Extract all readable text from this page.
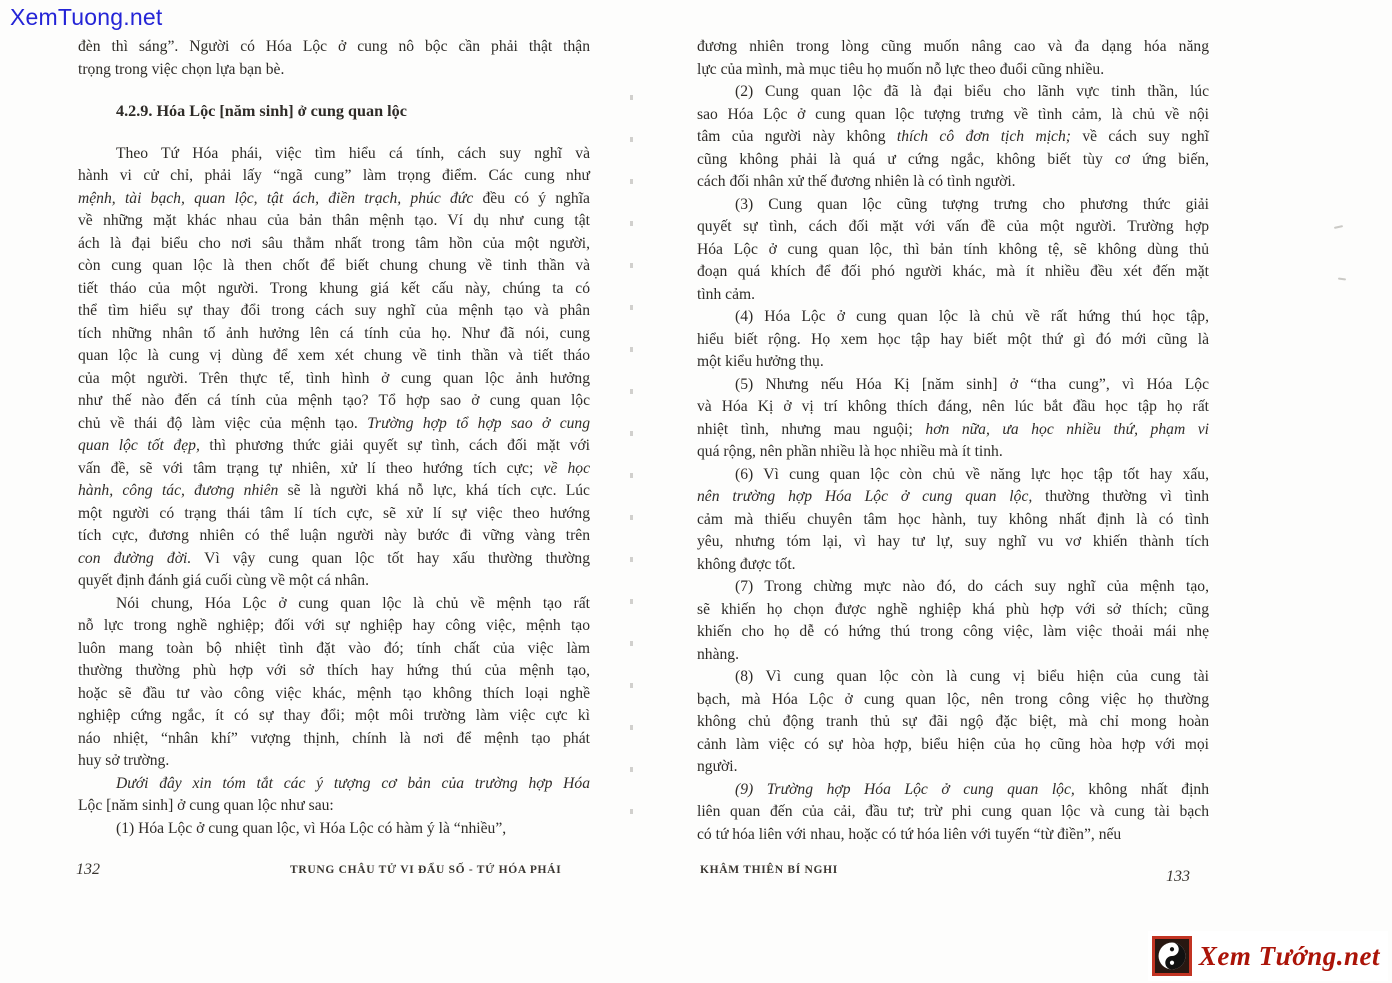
XemTuong.net
đèn thì sáng”. Người có Hóa Lộc ở cung nô bộc cần phải thật thận
trọng trong việc chọn lựa bạn bè.
4.2.9. Hóa Lộc [năm sinh] ở cung quan lộc
Theo Tứ Hóa phái, việc tìm hiểu cá tính, cách suy nghĩ và
hành vi cử chỉ, phải lấy “ngã cung” làm trọng điểm. Các cung như
mệnh, tài bạch, quan lộc, tật ách, điền trạch, phúc đức đều có ý nghĩa
về những mặt khác nhau của bản thân mệnh tạo. Ví dụ như cung tật
ách là đại biểu cho nơi sâu thẳm nhất trong tâm hồn của một người,
còn cung quan lộc là then chốt để biết chung chung về tinh thần và
tiết tháo của một người. Trong khung giá kết cấu này, chúng ta có
thể tìm hiểu sự thay đổi trong cách suy nghĩ của mệnh tạo và phân
tích những nhân tố ảnh hưởng lên cá tính của họ. Như đã nói, cung
quan lộc là cung vị dùng để xem xét chung về tinh thần và tiết tháo
của một người. Trên thực tế, tình hình ở cung quan lộc ảnh hưởng
như thế nào đến cá tính của mệnh tạo? Tổ hợp sao ở cung quan lộc
chủ về thái độ làm việc của mệnh tạo. Trường hợp tổ hợp sao ở cung
quan lộc tốt đẹp, thì phương thức giải quyết sự tình, cách đối mặt với
vấn đề, sẽ với tâm trạng tự nhiên, xử lí theo hướng tích cực; về học
hành, công tác, đương nhiên sẽ là người khá nỗ lực, khá tích cực. Lúc
một người có trạng thái tâm lí tích cực, sẽ xử lí sự việc theo hướng
tích cực, đương nhiên có thể luận người này bước đi vững vàng trên
con đường đời. Vì vậy cung quan lộc tốt hay xấu thường thường
quyết định đánh giá cuối cùng về một cá nhân.
Nói chung, Hóa Lộc ở cung quan lộc là chủ về mệnh tạo rất
nỗ lực trong nghề nghiệp; đối với sự nghiệp hay công việc, mệnh tạo
luôn mang toàn bộ nhiệt tình đặt vào đó; tính chất của việc làm
thường thường phù hợp với sở thích hay hứng thú của mệnh tạo,
hoặc sẽ đầu tư vào công việc khác, mệnh tạo không thích loại nghề
nghiệp cứng ngắc, ít có sự thay đổi; một môi trường làm việc cực kì
náo nhiệt, “nhân khí” vượng thịnh, chính là nơi để mệnh tạo phát
huy sở trường.
Dưới đây xin tóm tắt các ý tượng cơ bản của trường hợp Hóa
Lộc [năm sinh] ở cung quan lộc như sau:
(1) Hóa Lộc ở cung quan lộc, vì Hóa Lộc có hàm ý là “nhiều”,
đương nhiên trong lòng cũng muốn nâng cao và đa dạng hóa năng
lực của mình, mà mục tiêu họ muốn nỗ lực theo đuổi cũng nhiều.
(2) Cung quan lộc đã là đại biểu cho lãnh vực tinh thần, lúc
sao Hóa Lộc ở cung quan lộc tượng trưng về tình cảm, là chủ về nội
tâm của người này không thích cô đơn tịch mịch; về cách suy nghĩ
cũng không phải là quá ư cứng ngắc, không biết tùy cơ ứng biến,
cách đối nhân xử thế đương nhiên là có tình người.
(3) Cung quan lộc cũng tượng trưng cho phương thức giải
quyết sự tình, cách đối mặt với vấn đề của một người. Trường hợp
Hóa Lộc ở cung quan lộc, thì bản tính không tệ, sẽ không dùng thủ
đoạn quá khích để đối phó người khác, mà ít nhiều đều xét đến mặt
tình cảm.
(4) Hóa Lộc ở cung quan lộc là chủ về rất hứng thú học tập,
hiểu biết rộng. Họ xem học tập hay biết một thứ gì đó mới cũng là
một kiểu hưởng thụ.
(5) Nhưng nếu Hóa Kị [năm sinh] ở “tha cung”, vì Hóa Lộc
và Hóa Kị ở vị trí không thích đáng, nên lúc bắt đầu học tập họ rất
nhiệt tình, nhưng mau nguội; hơn nữa, ưa học nhiều thứ, phạm vi
quá rộng, nên phần nhiều là học nhiều mà ít tinh.
(6) Vì cung quan lộc còn chủ về năng lực học tập tốt hay xấu,
nên trường hợp Hóa Lộc ở cung quan lộc, thường thường vì tình
cảm mà thiếu chuyên tâm học hành, tuy không nhất định là có tình
yêu, nhưng tóm lại, vì hay tư lự, suy nghĩ vu vơ khiến thành tích
không được tốt.
(7) Trong chừng mực nào đó, do cách suy nghĩ của mệnh tạo,
sẽ khiến họ chọn được nghề nghiệp khá phù hợp với sở thích; cũng
khiến cho họ dễ có hứng thú trong công việc, làm việc thoải mái nhẹ
nhàng.
(8) Vì cung quan lộc còn là cung vị biểu hiện của cung tài
bạch, mà Hóa Lộc ở cung quan lộc, nên trong công việc họ thường
không chủ động tranh thủ sự đãi ngộ đặc biệt, mà chỉ mong hoàn
cảnh làm việc có sự hòa hợp, biểu hiện của họ cũng hòa hợp với mọi
người.
(9) Trường hợp Hóa Lộc ở cung quan lộc, không nhất định
liên quan đến của cải, đầu tư; trừ phi cung quan lộc và cung tài bạch
có tứ hóa liên với nhau, hoặc có tứ hóa liên với tuyến “từ điền”, nếu
132	TRUNG CHÂU TỬ VI ĐẨU SỐ - TỨ HÓA PHÁI	KHÂM THIÊN BÍ NGHI	133
Xem Tướng.net
